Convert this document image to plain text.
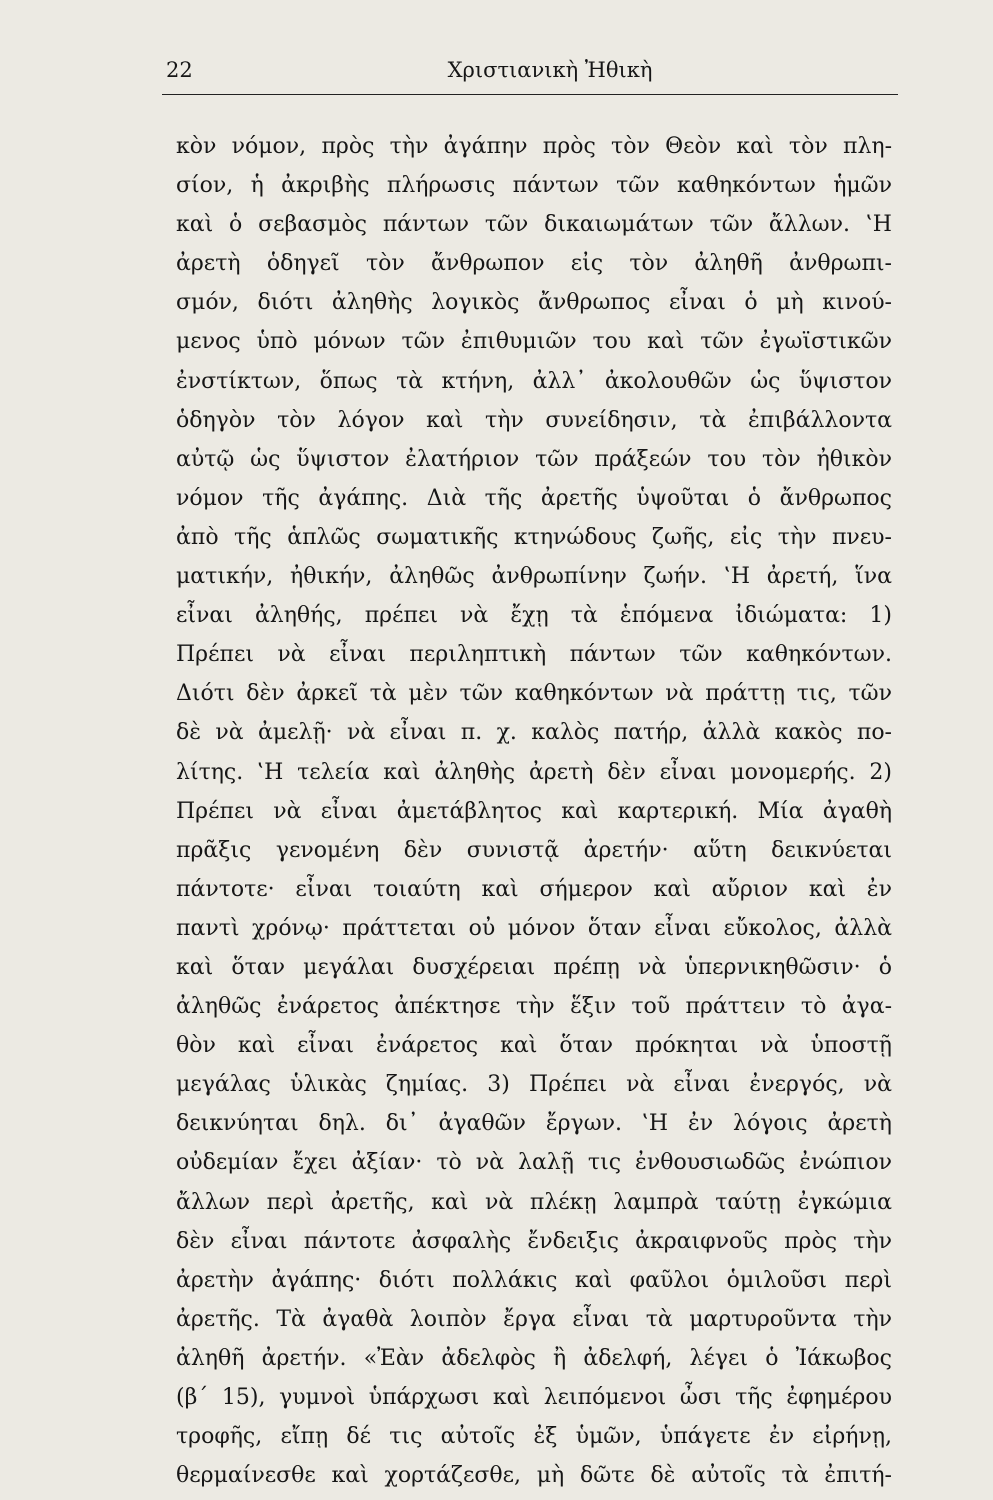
22	Χριστιανικὴ Ἠθικὴ
κὸν νόμον, πρὸς τὴν ἀγάπην πρὸς τὸν Θεὸν καὶ τὸν πλη-
σίον, ἡ ἀκριβὴς πλήρωσις πάντων τῶν καθηκόντων ἡμῶν
καὶ ὁ σεβασμὸς πάντων τῶν δικαιωμάτων τῶν ἄλλων. ‛Η
ἀρετὴ ὁδηγεῖ τὸν ἄνθρωπον εἰς τὸν ἀληθῆ ἀνθρωπι-
σμόν, διότι ἀληθὴς λογικὸς ἄνθρωπος εἶναι ὁ μὴ κινού-
μενος ὑπὸ μόνων τῶν ἐπιθυμιῶν του καὶ τῶν ἐγωϊστικῶν
ἐνστίκτων, ὅπως τὰ κτήνη, ἀλλ᾽ ἀκολουθῶν ὡς ὕψιστον
ὁδηγὸν τὸν λόγον καὶ τὴν συνείδησιν, τὰ ἐπιβάλλοντα
αὐτῷ ὡς ὕψιστον ἐλατήριον τῶν πράξεών του τὸν ἠθικὸν
νόμον τῆς ἀγάπης. Διὰ τῆς ἀρετῆς ὑψοῦται ὁ ἄνθρωπος
ἀπὸ τῆς ἁπλῶς σωματικῆς κτηνώδους ζωῆς, εἰς τὴν πνευ-
ματικήν, ἠθικήν, ἀληθῶς ἀνθρωπίνην ζωήν. ‛Η ἀρετή, ἵνα
εἶναι ἀληθής, πρέπει νὰ ἔχῃ τὰ ἑπόμενα ἰδιώματα: 1)
Πρέπει νὰ εἶναι περιληπτικὴ πάντων τῶν καθηκόντων.
Διότι δὲν ἀρκεῖ τὰ μὲν τῶν καθηκόντων νὰ πράττῃ τις, τῶν
δὲ νὰ ἀμελῇ· νὰ εἶναι π. χ. καλὸς πατήρ, ἀλλὰ κακὸς πο-
λίτης. ‛Η τελεία καὶ ἀληθὴς ἀρετὴ δὲν εἶναι μονομερής. 2)
Πρέπει νὰ εἶναι ἀμετάβλητος καὶ καρτερική. Μία ἀγαθὴ
πρᾶξις γενομένη δὲν συνιστᾷ ἀρετήν· αὕτη δεικνύεται
πάντοτε· εἶναι τοιαύτη καὶ σήμερον καὶ αὔριον καὶ ἐν
παντὶ χρόνῳ· πράττεται οὐ μόνον ὅταν εἶναι εὔκολος, ἀλλὰ
καὶ ὅταν μεγάλαι δυσχέρειαι πρέπῃ νὰ ὑπερνικηθῶσιν· ὁ
ἀληθῶς ἐνάρετος ἀπέκτησε τὴν ἕξιν τοῦ πράττειν τὸ ἀγα-
θὸν καὶ εἶναι ἐνάρετος καὶ ὅταν πρόκηται νὰ ὑποστῇ
μεγάλας ὑλικὰς ζημίας. 3) Πρέπει νὰ εἶναι ἐνεργός, νὰ
δεικνύηται δηλ. δι᾽ ἀγαθῶν ἔργων. ‛Η ἐν λόγοις ἀρετὴ
οὐδεμίαν ἔχει ἀξίαν· τὸ νὰ λαλῇ τις ἐνθουσιωδῶς ἐνώπιον
ἄλλων περὶ ἀρετῆς, καὶ νὰ πλέκῃ λαμπρὰ ταύτῃ ἐγκώμια
δὲν εἶναι πάντοτε ἀσφαλὴς ἔνδειξις ἀκραιφνοῦς πρὸς τὴν
ἀρετὴν ἀγάπης· διότι πολλάκις καὶ φαῦλοι ὁμιλοῦσι περὶ
ἀρετῆς. Τὰ ἀγαθὰ λοιπὸν ἔργα εἶναι τὰ μαρτυροῦντα τὴν
ἀληθῆ ἀρετήν. «Ἐὰν ἀδελφὸς ἢ ἀδελφή, λέγει ὁ Ἰάκωβος
(β´ 15), γυμνοὶ ὑπάρχωσι καὶ λειπόμενοι ὦσι τῆς ἐφημέρου
τροφῆς, εἴπῃ δέ τις αὐτοῖς ἐξ ὑμῶν, ὑπάγετε ἐν εἰρήνῃ,
θερμαίνεσθε καὶ χορτάζεσθε, μὴ δῶτε δὲ αὐτοῖς τὰ ἐπιτή-
